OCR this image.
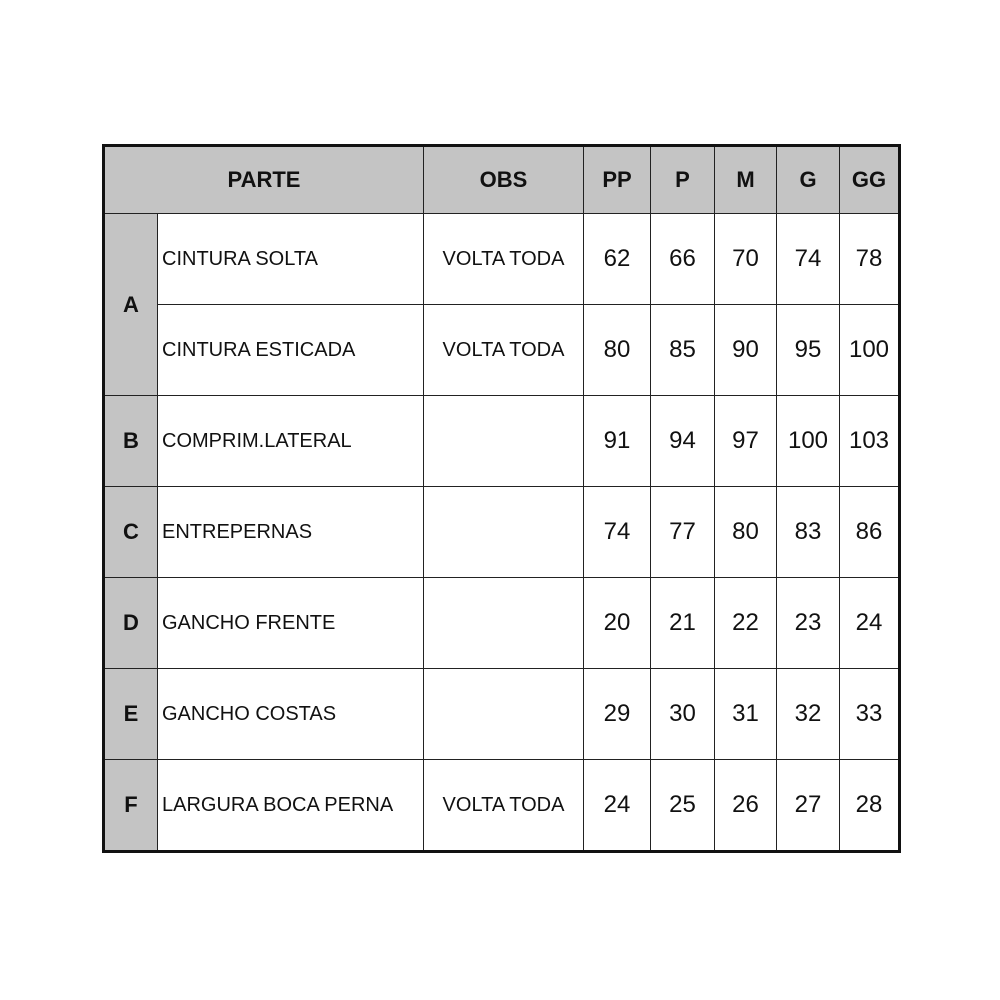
PARTE		OBS	PP	P	M	G	GG
A	CINTURA SOLTA	VOLTA TODA	62	66	70	74	78
	CINTURA ESTICADA	VOLTA TODA	80	85	90	95	100
B	COMPRIM.LATERAL		91	94	97	100	103
C	ENTREPERNAS		74	77	80	83	86
D	GANCHO FRENTE		20	21	22	23	24
E	GANCHO COSTAS		29	30	31	32	33
F	LARGURA BOCA PERNA	VOLTA TODA	24	25	26	27	28
